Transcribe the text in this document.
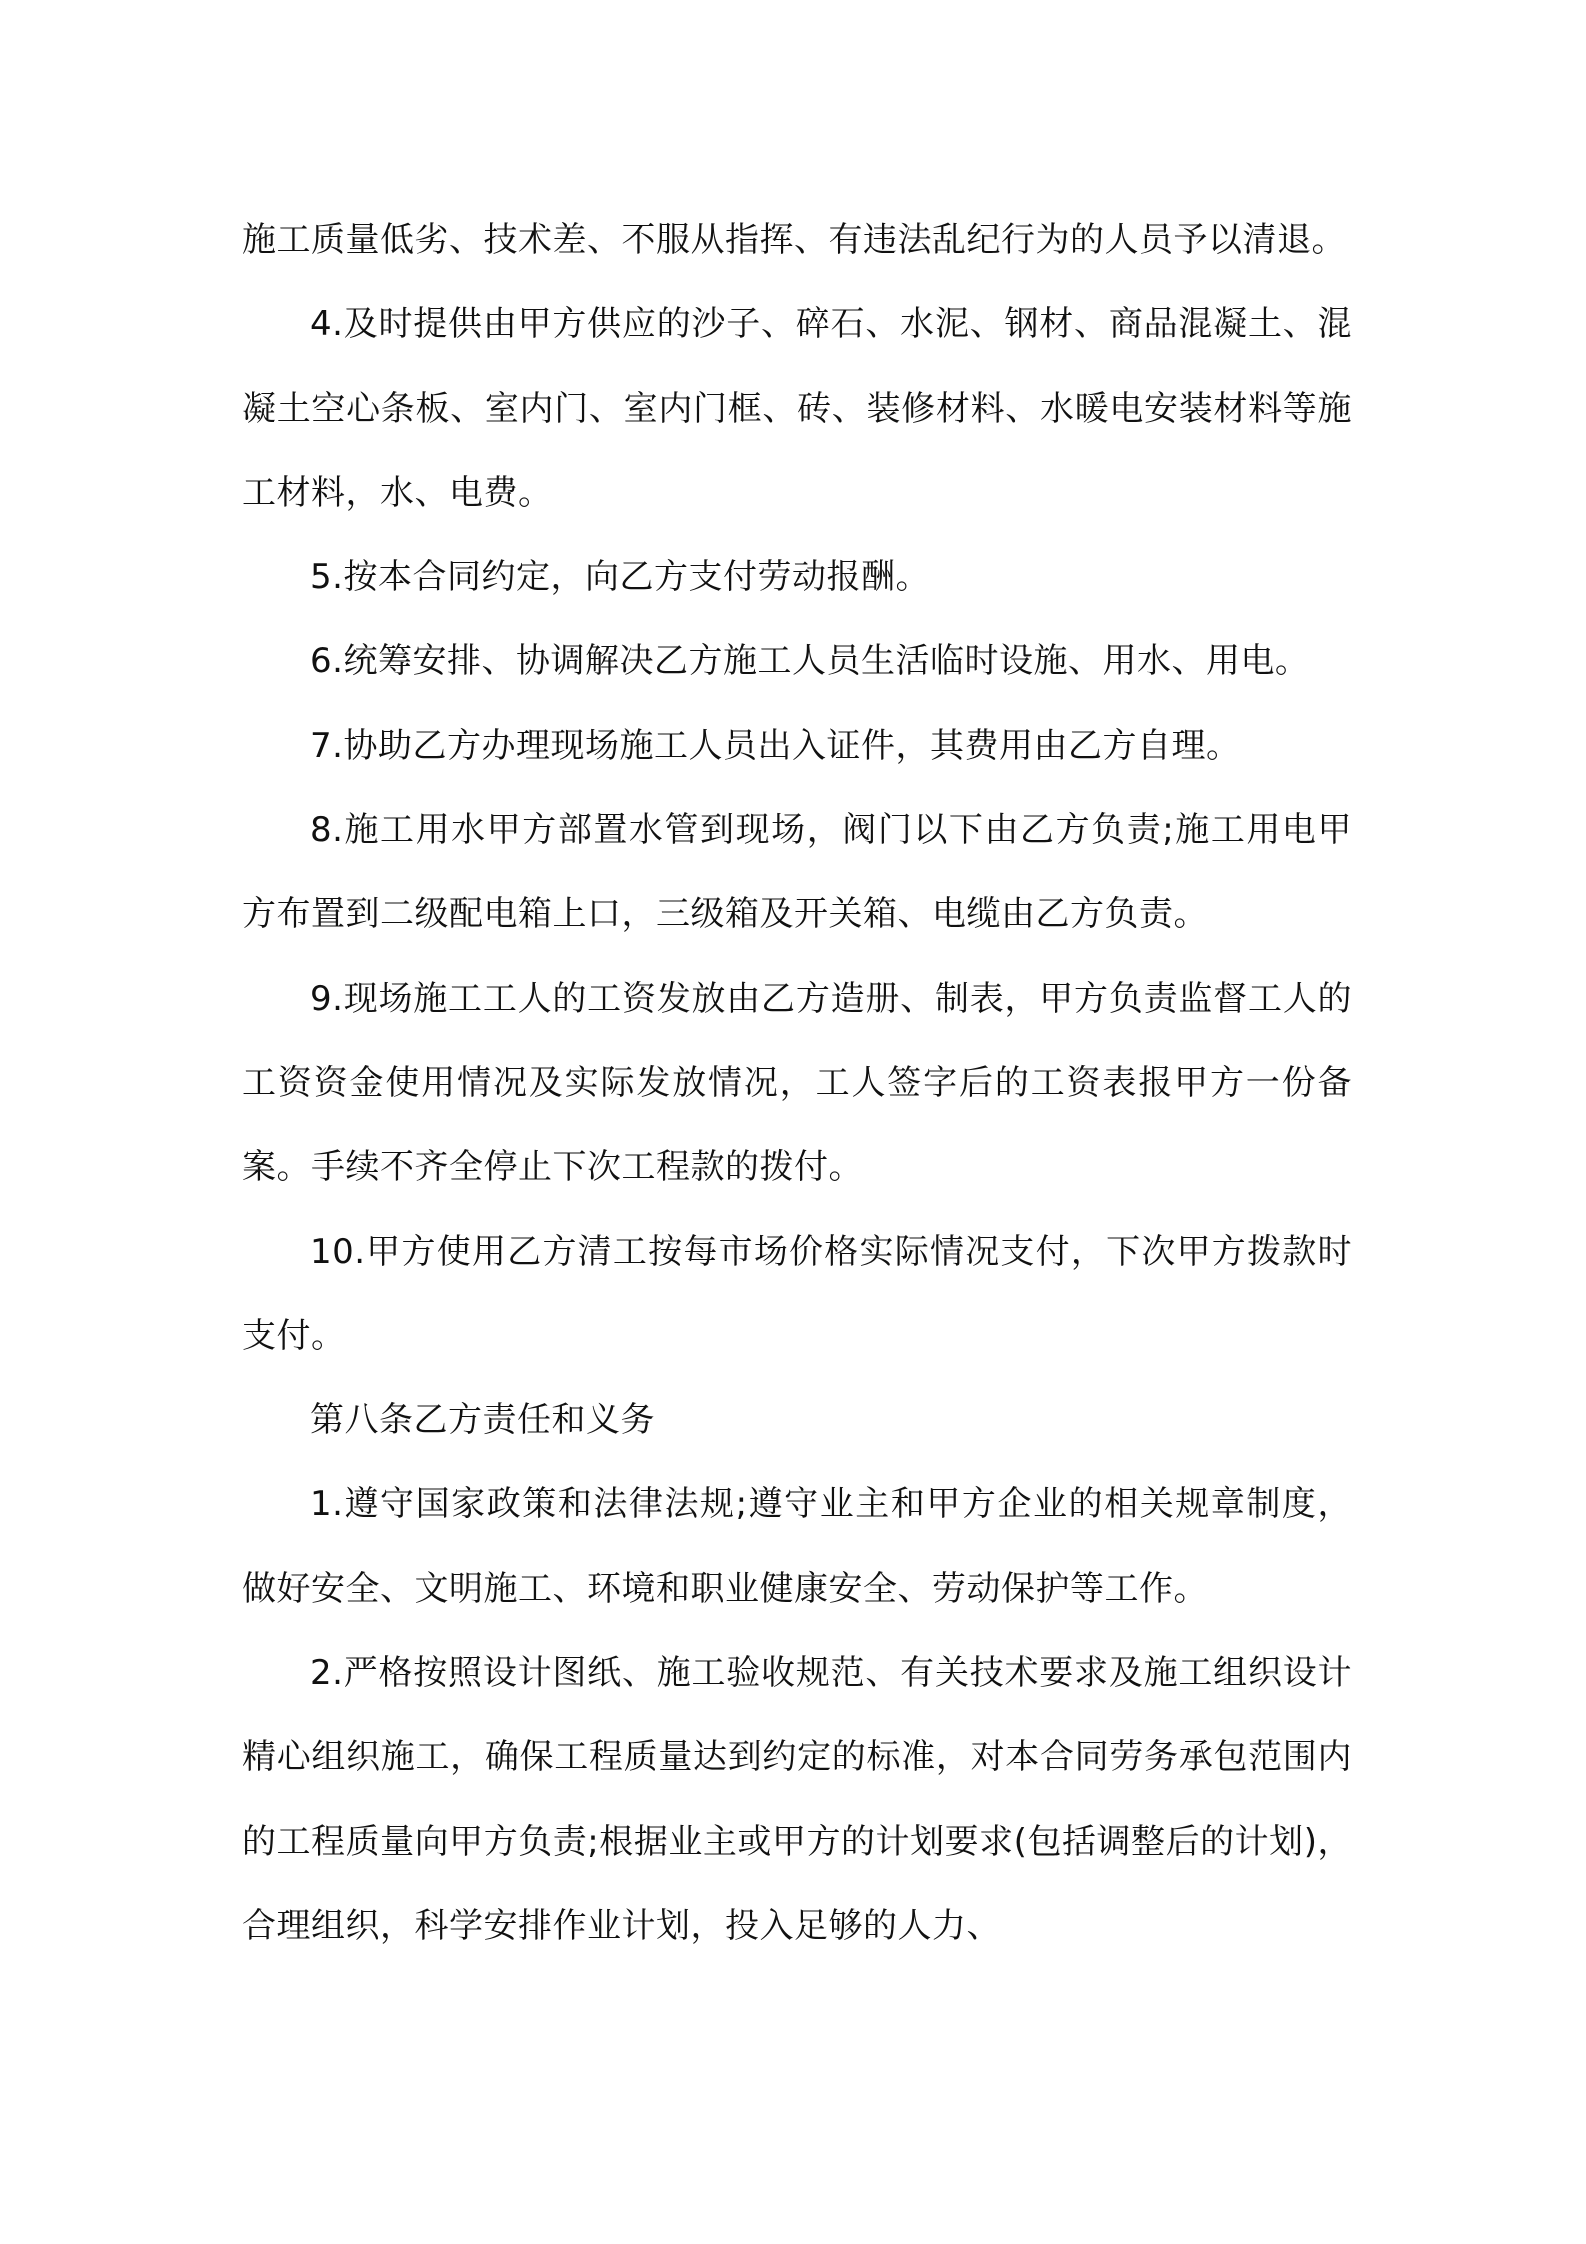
施工质量低劣、技术差、不服从指挥、有违法乱纪行为的人员予以清退。

4.及时提供由甲方供应的沙子、碎石、水泥、钢材、商品混凝土、混凝土空心条板、室内门、室内门框、砖、装修材料、水暖电安装材料等施工材料，水、电费。

5.按本合同约定，向乙方支付劳动报酬。

6.统筹安排、协调解决乙方施工人员生活临时设施、用水、用电。

7.协助乙方办理现场施工人员出入证件，其费用由乙方自理。

8.施工用水甲方部置水管到现场，阀门以下由乙方负责;施工用电甲方布置到二级配电箱上口，三级箱及开关箱、电缆由乙方负责。

9.现场施工工人的工资发放由乙方造册、制表，甲方负责监督工人的工资资金使用情况及实际发放情况，工人签字后的工资表报甲方一份备案。手续不齐全停止下次工程款的拨付。

10.甲方使用乙方清工按每市场价格实际情况支付，下次甲方拨款时支付。

第八条乙方责任和义务

1.遵守国家政策和法律法规;遵守业主和甲方企业的相关规章制度，做好安全、文明施工、环境和职业健康安全、劳动保护等工作。

2.严格按照设计图纸、施工验收规范、有关技术要求及施工组织设计精心组织施工，确保工程质量达到约定的标准，对本合同劳务承包范围内的工程质量向甲方负责;根据业主或甲方的计划要求(包括调整后的计划)，合理组织，科学安排作业计划，投入足够的人力、
